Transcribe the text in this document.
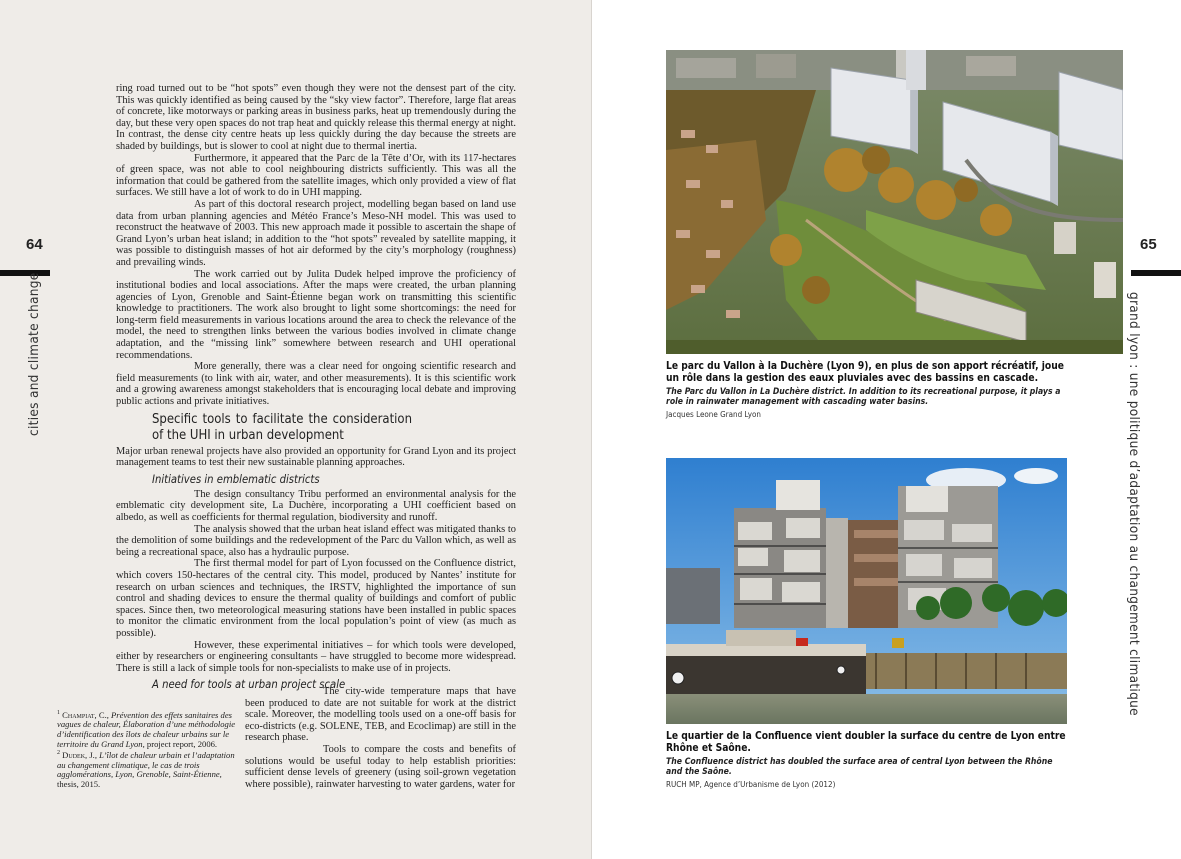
64
cities and climate change

ring road turned out to be “hot spots” even though they were not the densest part of the city. This was quickly identified as being caused by the “sky view factor”. Therefore, large flat areas of concrete, like motorways or parking areas in business parks, heat up tremendously during the day, but these very open spaces do not trap heat and quickly release this thermal energy at night. In contrast, the dense city centre heats up less quickly during the day because the streets are shaded by buildings, but is slower to cool at night due to thermal inertia.

Furthermore, it appeared that the Parc de la Tête d’Or, with its 117-hectares of green space, was not able to cool neighbouring districts sufficiently. This was all the information that could be gathered from the satellite images, which only provided a view of flat surfaces. We still have a lot of work to do in UHI mapping.

As part of this doctoral research project, modelling began based on land use data from urban planning agencies and Météo France’s Meso-NH model. This was used to reconstruct the heatwave of 2003. This new approach made it possible to ascertain the shape of Grand Lyon’s urban heat island; in addition to the “hot spots” revealed by satellite mapping, it was possible to distinguish masses of hot air deformed by the city’s morphology (roughness) and prevailing winds.

The work carried out by Julita Dudek helped improve the proficiency of institutional bodies and local associations. After the maps were created, the urban planning agencies of Lyon, Grenoble and Saint-Étienne began work on transmitting this scientific knowledge to practitioners. The work also brought to light some shortcomings: the need for long-term field measurements in various locations around the area to check the relevance of the model, the need to strengthen links between the various bodies involved in climate change adaptation, and the “missing link” somewhere between research and UHI operational recommendations.

More generally, there was a clear need for ongoing scientific research and field measurements (to link with air, water, and other measurements). It is this scientific work and a growing awareness amongst stakeholders that is encouraging local debate and improving public actions and private initiatives.

Specific tools to facilitate the consideration of the UHI in urban development

Major urban renewal projects have also provided an opportunity for Grand Lyon and its project management teams to test their new sustainable planning approaches.

Initiatives in emblematic districts

The design consultancy Tribu performed an environmental analysis for the emblematic city development site, La Duchère, incorporating a UHI coefficient based on albedo, as well as coefficients for thermal regulation, biodiversity and runoff.

The analysis showed that the urban heat island effect was mitigated thanks to the demolition of some buildings and the redevelopment of the Parc du Vallon which, as well as being a recreational space, also has a hydraulic purpose.

The first thermal model for part of Lyon focussed on the Confluence district, which covers 150-hectares of the central city. This model, produced by Nantes’ institute for research on urban sciences and techniques, the IRSTV, highlighted the importance of sun control and shading devices to ensure the thermal quality of buildings and comfort of public spaces. Since then, two meteorological measuring stations have been installed in public spaces to monitor the climatic environment from the local population’s point of view (as much as possible).

However, these experimental initiatives – for which tools were developed, either by researchers or engineering consultants – have struggled to become more widespread. There is still a lack of simple tools for non-specialists to make use of in projects.

A need for tools at urban project scale
$^1$ Champiat, C., Prévention des effets sanitaires des vagues de chaleur, Élaboration d’une méthodologie d’identification des îlots de chaleur urbains sur le territoire du Grand Lyon, project report, 2006.
$^2$ Dudek, J., L’îlot de chaleur urbain et l’adaptation au changement climatique, le cas de trois agglomérations, Lyon, Grenoble, Saint-Étienne, thesis, 2015.

The city-wide temperature maps that have been produced to date are not suitable for work at the district scale. Moreover, the modelling tools used on a one-off basis for eco-districts (e.g. SOLENE, TEB, and Ecoclimap) are still in the research phase.

Tools to compare the costs and benefits of solutions would be useful today to help establish priorities: sufficient dense levels of greenery (using soil-grown vegetation where possible), rainwater harvesting to water gardens, water for

65
grand lyon : une politique d’adaptation au changement climatique
Le parc du Vallon à la Duchère (Lyon 9), en plus de son apport récréatif, joue un rôle dans la gestion des eaux pluviales avec des bassins en cascade.
The Parc du Vallon in La Duchère district. In addition to its recreational purpose, it plays a role in rainwater management with cascading water basins.
Jacques Leone Grand Lyon
Le quartier de la Confluence vient doubler la surface du centre de Lyon entre Rhône et Saône.
The Confluence district has doubled the surface area of central Lyon between the Rhône and the Saône.
RUCH MP, Agence d’Urbanisme de Lyon (2012)
